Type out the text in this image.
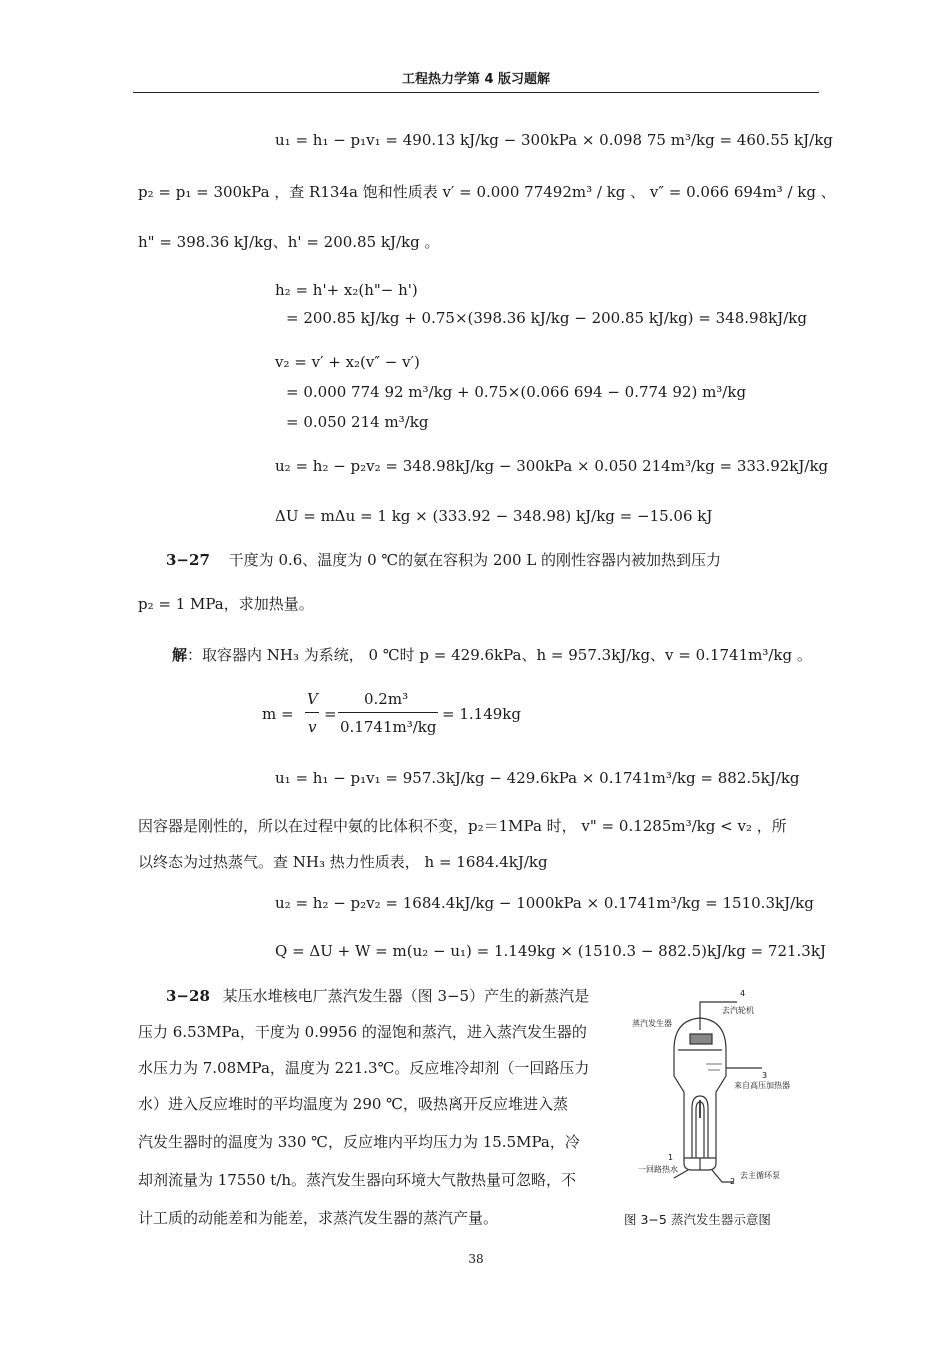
工程热力学第 4 版习题解
u₁ = h₁ − p₁v₁ = 490.13 kJ/kg − 300kPa × 0.098 75 m³/kg = 460.55 kJ/kg
p₂ = p₁ = 300kPa ，查 R134a 饱和性质表 v′ = 0.000 77492m³ / kg 、 v″ = 0.066 694m³ / kg 、
h" = 398.36 kJ/kg、h' = 200.85 kJ/kg 。
h₂ = h'+ x₂(h"− h')
= 200.85 kJ/kg + 0.75×(398.36 kJ/kg − 200.85 kJ/kg) = 348.98kJ/kg
v₂ = v′ + x₂(v″ − v′)
= 0.000 774 92 m³/kg + 0.75×(0.066 694 − 0.774 92) m³/kg
= 0.050 214 m³/kg
u₂ = h₂ − p₂v₂ = 348.98kJ/kg − 300kPa × 0.050 214m³/kg = 333.92kJ/kg
ΔU = mΔu = 1 kg × (333.92 − 348.98) kJ/kg = −15.06 kJ
3−27 干度为 0.6、温度为 0 ℃的氨在容积为 200 L 的刚性容器内被加热到压力
p₂ = 1 MPa，求加热量。
解：取容器内 NH₃ 为系统， 0 ℃时 p = 429.6kPa、h = 957.3kJ/kg、v = 0.1741m³/kg 。
m =
V
v
=
0.2m³
0.1741m³/kg
= 1.149kg
u₁ = h₁ − p₁v₁ = 957.3kJ/kg − 429.6kPa × 0.1741m³/kg = 882.5kJ/kg
因容器是刚性的，所以在过程中氨的比体积不变，p₂＝1MPa 时， v" = 0.1285m³/kg < v₂ ，所
以终态为过热蒸气。查 NH₃ 热力性质表， h = 1684.4kJ/kg
u₂ = h₂ − p₂v₂ = 1684.4kJ/kg − 1000kPa × 0.1741m³/kg = 1510.3kJ/kg
Q = ΔU + W = m(u₂ − u₁) = 1.149kg × (1510.3 − 882.5)kJ/kg = 721.3kJ
3−28 某压水堆核电厂蒸汽发生器（图 3−5）产生的新蒸汽是
压力 6.53MPa，干度为 0.9956 的湿饱和蒸汽，进入蒸汽发生器的
水压力为 7.08MPa，温度为 221.3℃。反应堆冷却剂（一回路压力
水）进入反应堆时的平均温度为 290 ℃，吸热离开反应堆进入蒸
汽发生器时的温度为 330 ℃，反应堆内平均压力为 15.5MPa，冷
却剂流量为 17550 t/h。蒸汽发生器向环境大气散热量可忽略，不
计工质的动能差和为能差，求蒸汽发生器的蒸汽产量。
4
去汽轮机
蒸汽发生器
3
来自高压加热器
1
一回路热水
2
去主循环泵
图 3−5 蒸汽发生器示意图
38
